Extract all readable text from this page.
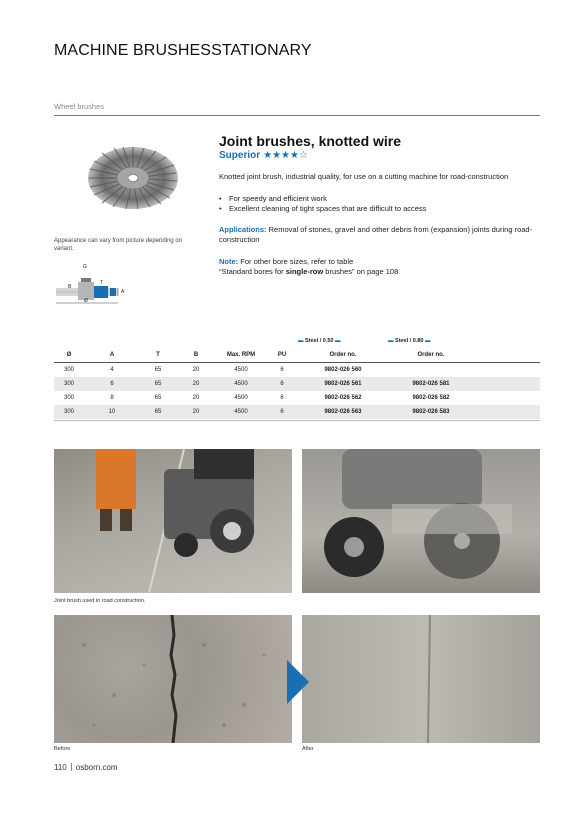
MACHINE BRUSHESSTATIONARY
Wheel brushes
Appearance can vary from picture depending on variant.
G
B
T
A
Ø
Joint brushes, knotted wire
Superior ★★★★☆
Knotted joint brush, industrial quality, for use on a cutting machine for road-construction
• For speedy and efficient work
• Excellent cleaning of tight spaces that are difficult to access
Applications: Removal of stones, gravel and other debris from (expansion) joints during road-construction
Note: For other bore sizes, refer to table
“Standard bores for single-row brushes” on page 108
▬ Steel / 0.50 ▬	▬ Steel / 0.80 ▬
Ø	A	T	B	Max. RPM	PU	Order no.	Order no.
300	4	65	20	4500	6	9802-026 560
300	6	65	20	4500	6	9802-026 561	9802-026 581
300	8	65	20	4500	6	9802-026 562	9802-026 582
300	10	65	20	4500	6	9802-026 563	9802-026 583
Joint brush used in road construction.
Before	After
110 osborn.com
